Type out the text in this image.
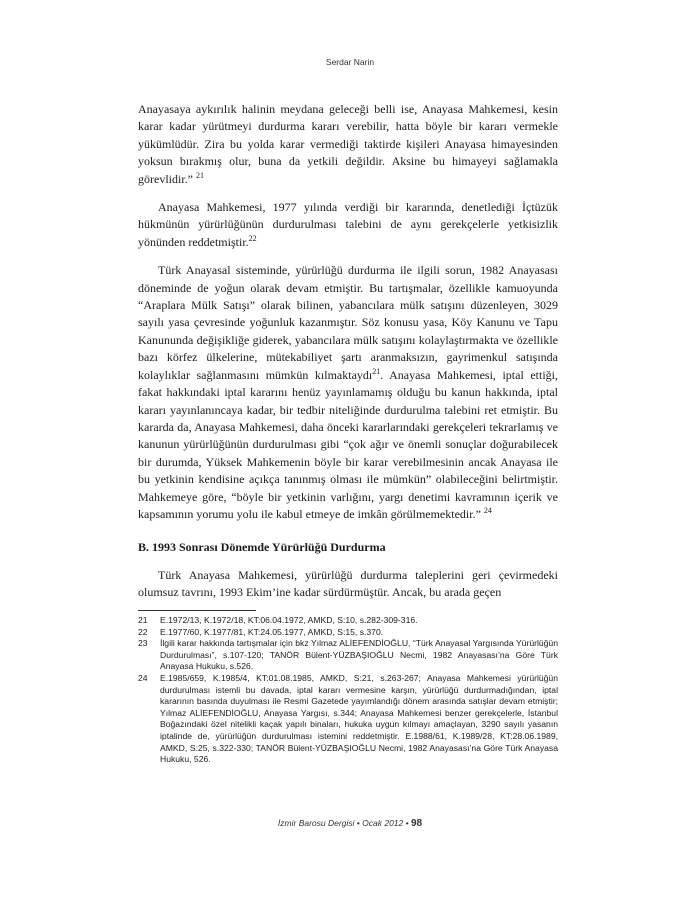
Serdar Narin

Anayasaya aykırılık halinin meydana geleceği belli ise, Anayasa Mahkemesi, kesin karar kadar yürütmeyi durdurma kararı verebilir, hatta böyle bir kararı vermekle yükümlüdür. Zira bu yolda karar vermediği taktirde kişileri Anayasa himayesinden yoksun bırakmış olur, buna da yetkili değildir. Aksine bu himayeyi sağlamakla görevlidir.” $^{21}$

Anayasa Mahkemesi, 1977 yılında verdiği bir kararında, denetlediği İçtüzük hükmünün yürürlüğünün durdurulması talebini de aynı gerekçelerle yetkisizlik yönünden reddetmiştir.$^{22}$

Türk Anayasal sisteminde, yürürlüğü durdurma ile ilgili sorun, 1982 Anayasası döneminde de yoğun olarak devam etmiştir. Bu tartışmalar, özellikle kamuoyunda “Araplara Mülk Satışı” olarak bilinen, yabancılara mülk satışını düzenleyen, 3029 sayılı yasa çevresinde yoğunluk kazanmıştır. Söz konusu yasa, Köy Kanunu ve Tapu Kanununda değişikliğe giderek, yabancılara mülk satışını kolaylaştırmakta ve özellikle bazı körfez ülkelerine, mütekabiliyet şartı aranmaksızın, gayrimenkul satışında kolaylıklar sağlanmasını mümkün kılmaktaydı$^{21}$. Anayasa Mahkemesi, iptal ettiği, fakat hakkındaki iptal kararını henüz yayınlamamış olduğu bu kanun hakkında, iptal kararı yayınlanıncaya kadar, bir tedbir niteliğinde durdurulma talebini ret etmiştir. Bu kararda da, Anayasa Mahkemesi, daha önceki kararlarındaki gerekçeleri tekrarlamış ve kanunun yürürlüğünün durdurulması gibi “çok ağır ve önemli sonuçlar doğurabilecek bir durumda, Yüksek Mahkemenin böyle bir karar verebilmesinin ancak Anayasa ile bu yetkinin kendisine açıkça tanınmış olması ile mümkün” olabileceğini belirtmiştir. Mahkemeye göre, “böyle bir yetkinin varlığını, yargı denetimi kavramının içerik ve kapsamının yorumu yolu ile kabul etmeye de imkân görülmemektedir.” $^{24}$

B. 1993 Sonrası Dönemde Yürürlüğü Durdurma

Türk Anayasa Mahkemesi, yürürlüğü durdurma taleplerini geri çevirmedeki olumsuz tavrını, 1993 Ekim’ine kadar sürdürmüştür. Ancak, bu arada geçen

21	E.1972/13, K.1972/18, KT:06.04.1972, AMKD, S:10, s.282-309-316.
22	E.1977/60, K.1977/81, KT:24.05.1977, AMKD, S:15, s.370.
23	İlgili karar hakkında tartışmalar için bkz Yılmaz ALİEFENDİOĞLU, “Türk Anayasal Yargısında Yürürlüğün Durdurulması”, s.107-120; TANÖR Bülent-YÜZBAŞIOĞLU Necmi, 1982 Anayasası’na Göre Türk Anayasa Hukuku, s.526.
24	E.1985/659, K.1985/4, KT:01.08.1985, AMKD, S:21, s.263-267; Anayasa Mahkemesi yürürlüğün durdurulması istemli bu davada, iptal kararı vermesine karşın, yürürlüğü durdurmadığından, iptal kararının basında duyulması ile Resmi Gazetede yayımlandığı dönem arasında satışlar devam etmiştir; Yılmaz ALİEFENDİOĞLU, Anayasa Yargısı, s.344; Anayasa Mahkemesi benzer gerekçelerle, İstanbul Boğazındaki özel nitelikli kaçak yapılı binaları, hukuka uygun kılmayı amaçlayan, 3290 sayılı yasanın iptalinde de, yürürlüğün durdurulması istemini reddetmiştir. E.1988/61, K.1989/28, KT:28.06.1989, AMKD, S:25, s.322-330; TANÖR Bülent-YÜZBAŞIOĞLU Necmi, 1982 Anayasası’na Göre Türk Anayasa Hukuku, 526.
İzmir Barosu Dergisi • Ocak 2012 • 98
